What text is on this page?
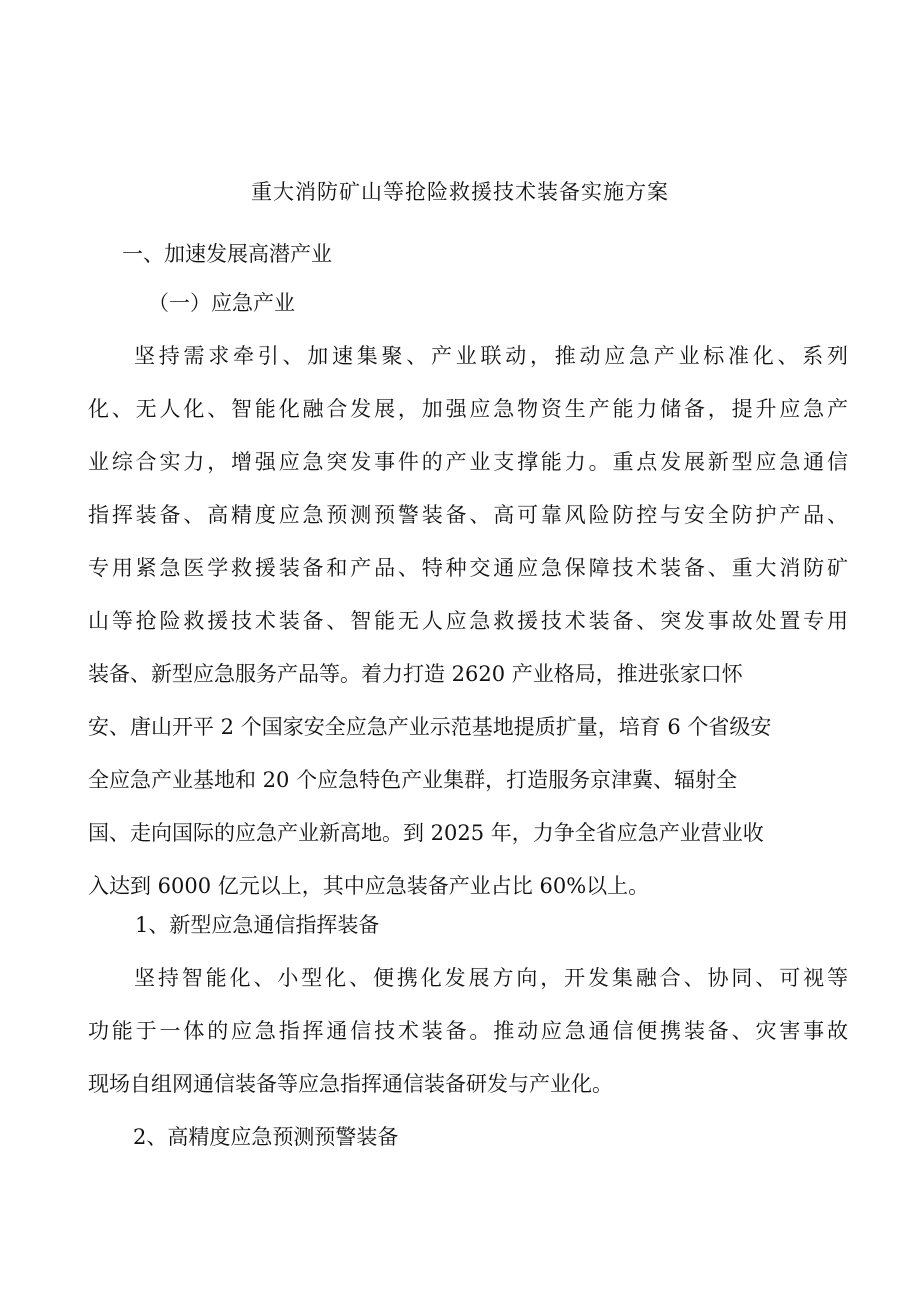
重大消防矿山等抢险救援技术装备实施方案
一、加速发展高潜产业
（一）应急产业
坚持需求牵引、加速集聚、产业联动，推动应急产业标准化、系列
化、无人化、智能化融合发展，加强应急物资生产能力储备，提升应急产
业综合实力，增强应急突发事件的产业支撑能力。重点发展新型应急通信
指挥装备、高精度应急预测预警装备、高可靠风险防控与安全防护产品、
专用紧急医学救援装备和产品、特种交通应急保障技术装备、重大消防矿
山等抢险救援技术装备、智能无人应急救援技术装备、突发事故处置专用
装备、新型应急服务产品等。着力打造 2620 产业格局，推进张家口怀
安、唐山开平 2 个国家安全应急产业示范基地提质扩量，培育 6 个省级安
全应急产业基地和 20 个应急特色产业集群，打造服务京津冀、辐射全
国、走向国际的应急产业新高地。到 2025 年，力争全省应急产业营业收
入达到 6000 亿元以上，其中应急装备产业占比 60%以上。
1、新型应急通信指挥装备
坚持智能化、小型化、便携化发展方向，开发集融合、协同、可视等
功能于一体的应急指挥通信技术装备。推动应急通信便携装备、灾害事故
现场自组网通信装备等应急指挥通信装备研发与产业化。
2、高精度应急预测预警装备
